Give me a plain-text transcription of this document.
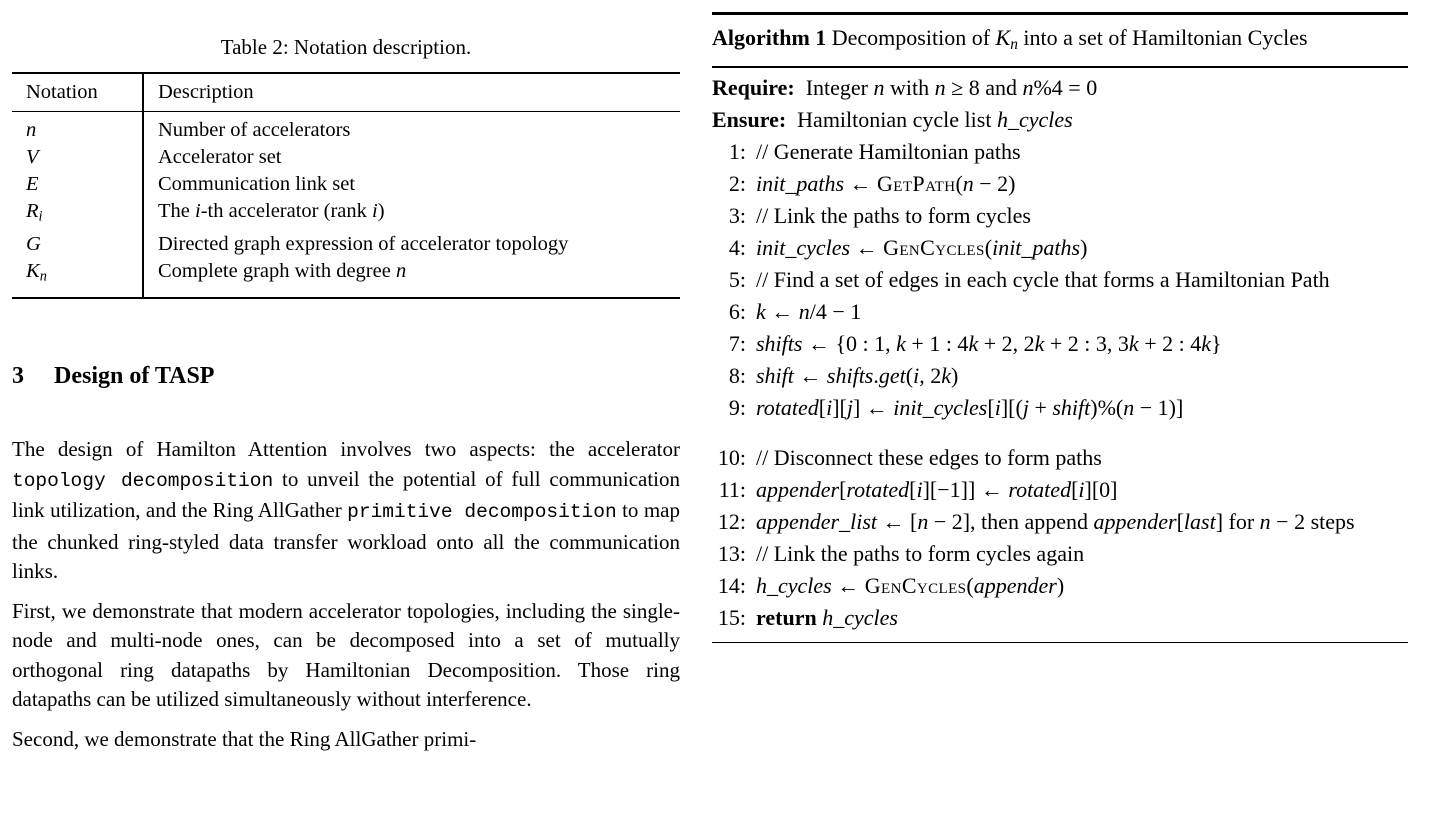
Table 2: Notation description.
Notation	Description
n	Number of accelerators
V	Accelerator set
E	Communication link set
Ri	The i-th accelerator (rank i)
G	Directed graph expression of accelerator topology
Kn	Complete graph with degree n
3 Design of TASP

The design of Hamilton Attention involves two aspects: the accelerator topology decomposition to unveil the potential of full communication link utilization, and the Ring AllGather primitive decomposition to map the chunked ring-styled data transfer workload onto all the communication links.

First, we demonstrate that modern accelerator topologies, including the single-node and multi-node ones, can be decomposed into a set of mutually orthogonal ring datapaths by Hamiltonian Decomposition. Those ring datapaths can be utilized simultaneously without interference.

Second, we demonstrate that the Ring AllGather primi-

Algorithm 1 Decomposition of Kn into a set of Hamiltonian Cycles
Require:  Integer n with n ≥ 8 and n%4 = 0
Ensure:  Hamiltonian cycle list h_cycles
1: // Generate Hamiltonian paths
2: init_paths ← GetPath(n − 2)
3: // Link the paths to form cycles
4: init_cycles ← GenCycles(init_paths)
5: // Find a set of edges in each cycle that forms a Hamiltonian Path
6: k ← n/4 − 1
7: shifts ← {0 : 1, k + 1 : 4k + 2, 2k + 2 : 3, 3k + 2 : 4k}
8: shift ← shifts.get(i, 2k)
9: rotated[i][j] ← init_cycles[i][(j + shift)%(n − 1)]
10: // Disconnect these edges to form paths
11: appender[rotated[i][−1]] ← rotated[i][0]
12: appender_list ← [n − 2], then append appender[last] for n − 2 steps
13: // Link the paths to form cycles again
14: h_cycles ← GenCycles(appender)
15: return h_cycles
